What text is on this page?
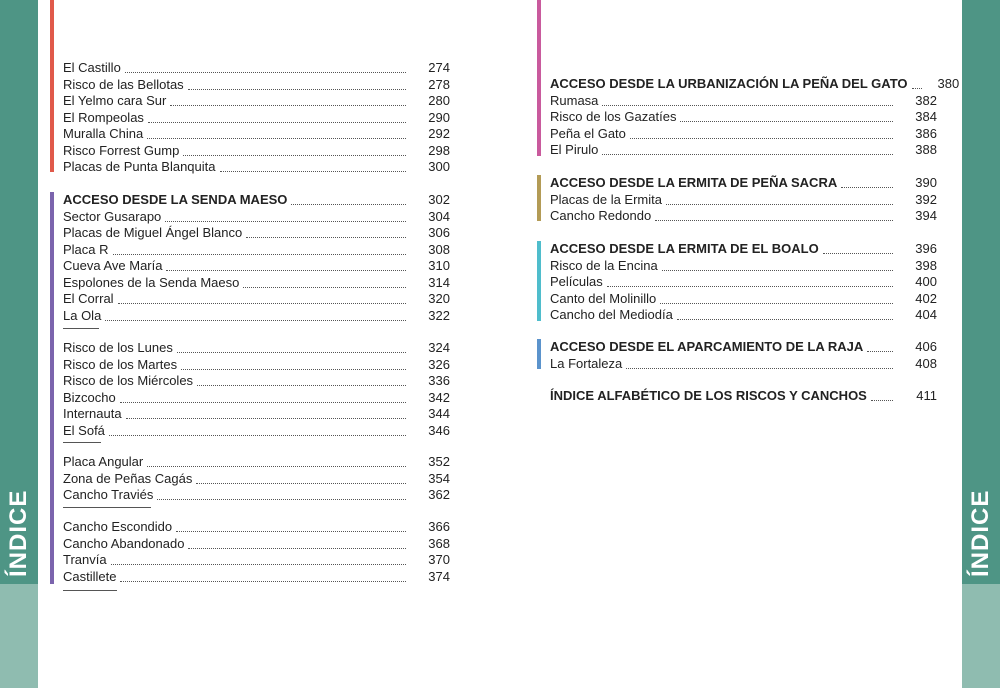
ÍNDICE	ÍNDICE
El Castillo	274
Risco de las Bellotas	278
El Yelmo cara Sur	280
El Rompeolas	290
Muralla China	292
Risco Forrest Gump	298
Placas de Punta Blanquita	300
ACCESO DESDE LA SENDA MAESO	302
Sector Gusarapo	304
Placas de Miguel Ángel Blanco	306
Placa R	308
Cueva Ave María	310
Espolones de la Senda Maeso	314
El Corral	320
La Ola	322
Risco de los Lunes	324
Risco de los Martes	326
Risco de los Miércoles	336
Bizcocho	342
Internauta	344
El Sofá	346
Placa Angular	352
Zona de Peñas Cagás	354
Cancho Traviés	362
Cancho Escondido	366
Cancho Abandonado	368
Tranvía	370
Castillete	374
ACCESO DESDE LA URBANIZACIÓN LA PEÑA DEL GATO	380
Rumasa	382
Risco de los Gazatíes	384
Peña el Gato	386
El Pirulo	388
ACCESO DESDE LA ERMITA DE PEÑA SACRA	390
Placas de la Ermita	392
Cancho Redondo	394
ACCESO DESDE LA ERMITA DE EL BOALO	396
Risco de la Encina	398
Películas	400
Canto del Molinillo	402
Cancho del Mediodía	404
ACCESO DESDE EL APARCAMIENTO DE LA RAJA	406
La Fortaleza	408
ÍNDICE ALFABÉTICO DE LOS RISCOS Y CANCHOS	411
